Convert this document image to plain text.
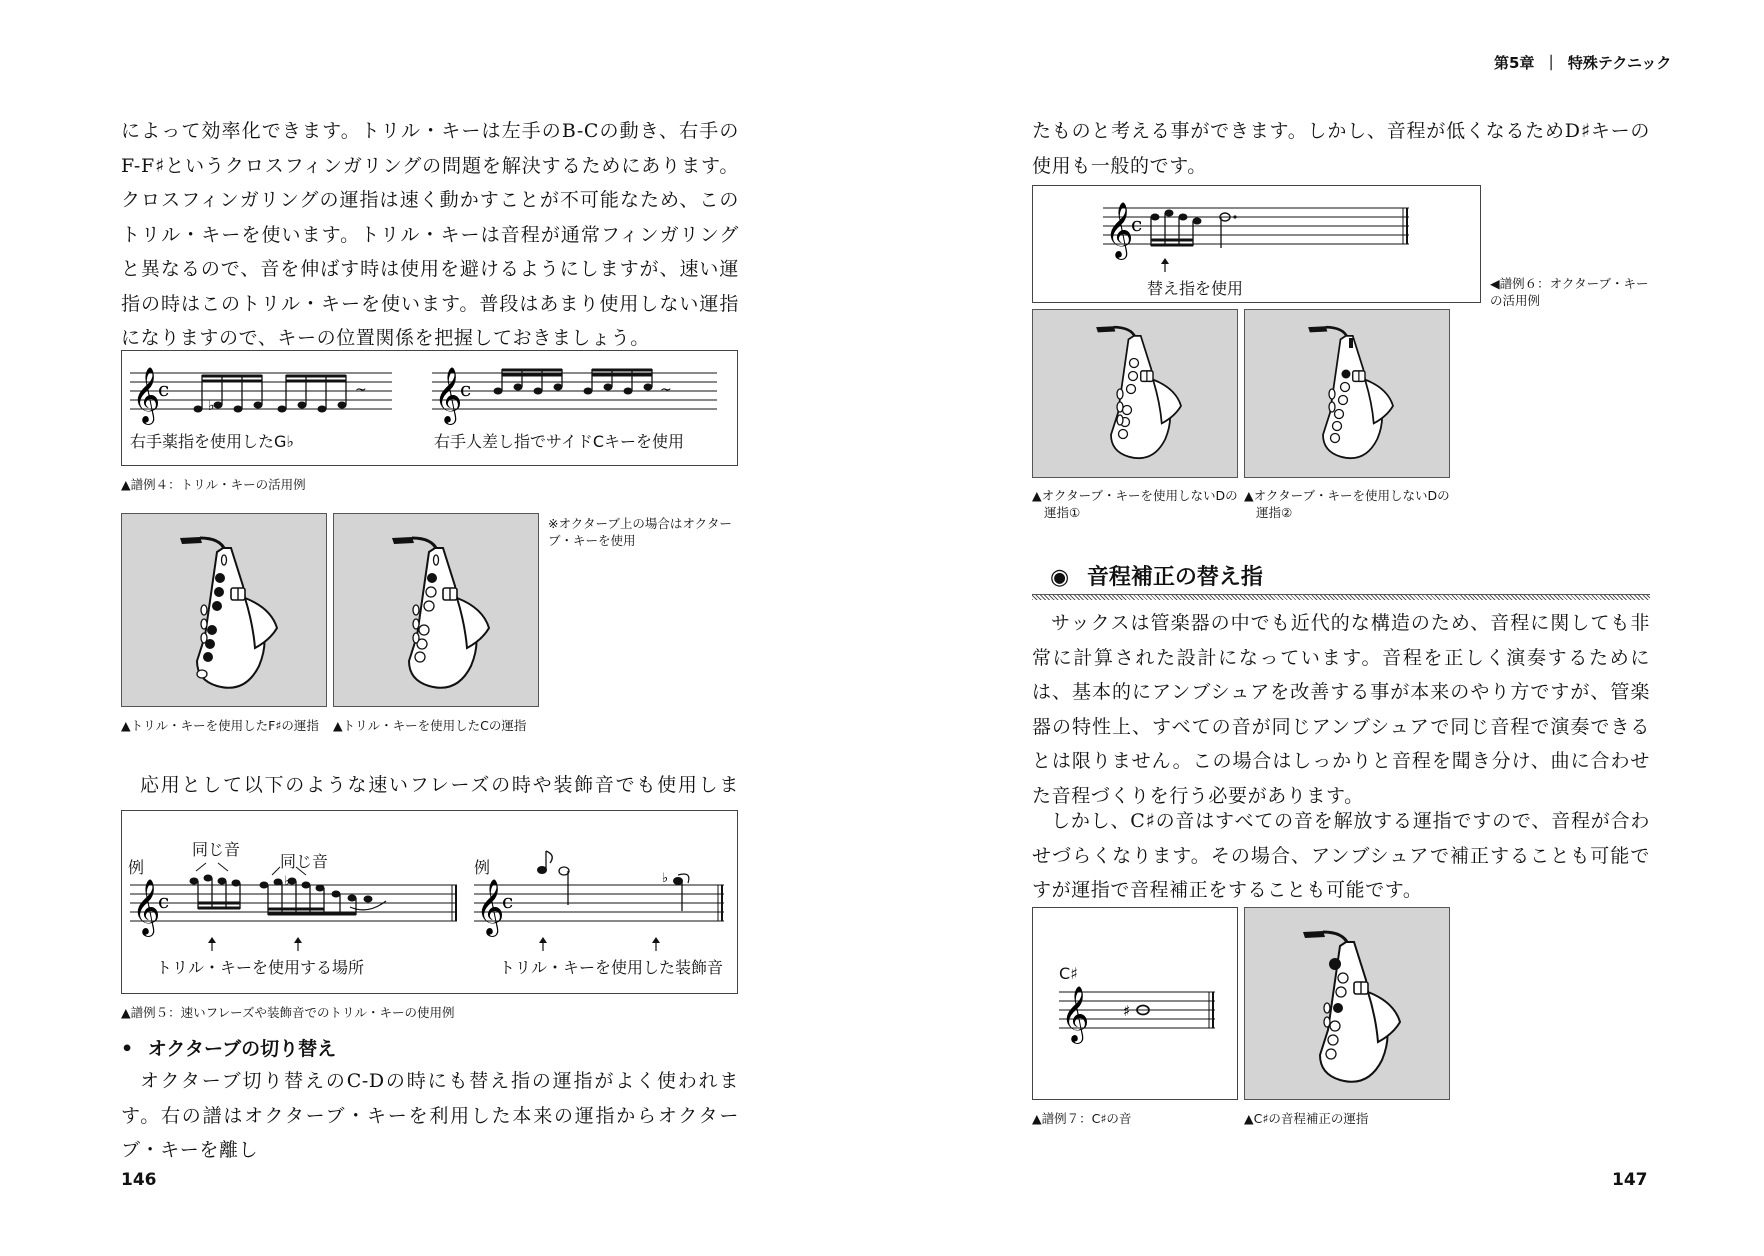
第5章 ｜ 特殊テクニック

によって効率化できます。トリル・キーは左手のB-Cの動き、右手のF-F♯というクロスフィンガリングの問題を解決するためにあります。クロスフィンガリングの運指は速く動かすことが不可能なため、このトリル・キーを使います。トリル・キーは音程が通常フィンガリングと異なるので、音を伸ばす時は使用を避けるようにしますが、速い運指の時はこのトリル・キーを使います。普段はあまり使用しない運指になりますので、キーの位置関係を把握しておきましょう。

𝄞
c	𝄞
c
♭
~	~
右手薬指を使用したG♭	右手人差し指でサイドCキーを使用
▲譜例４：トリル・キーの活用例
※オクターブ上の場合はオクターブ・キーを使用
▲トリル・キーを使用したF♯の運指 ▲トリル・キーを使用したCの運指

応用として以下のような速いフレーズの時や装飾音でも使用しま

𝄞
c	𝄞
c
♭	♭
例	例
同じ音
同じ音
トリル・キーを使用する場所	トリル・キーを使用した装飾音
▲譜例５：速いフレーズや装飾音でのトリル・キーの使用例
• オクターブの切り替え

オクターブ切り替えのC-Dの時にも替え指の運指がよく使われます。右の譜はオクターブ・キーを利用した本来の運指からオクターブ・キーを離し

146

たものと考える事ができます。しかし、音程が低くなるためD♯キーの使用も一般的です。

𝄞
c
替え指を使用	◀譜例６：オクターブ・キーの活用例
▲オクターブ・キーを使用しないDの運指①
▲オクターブ・キーを使用しないDの運指②
◉ 音程補正の替え指

サックスは管楽器の中でも近代的な構造のため、音程に関しても非常に計算された設計になっています。音程を正しく演奏するためには、基本的にアンブシュアを改善する事が本来のやり方ですが、管楽器の特性上、すべての音が同じアンブシュアで同じ音程で演奏できるとは限りません。この場合はしっかりと音程を聞き分け、曲に合わせた音程づくりを行う必要があります。

しかし、C♯の音はすべての音を解放する運指ですので、音程が合わせづらくなります。その場合、アンブシュアで補正することも可能ですが運指で音程補正をすることも可能です。

𝄞 ♯
C♯
▲譜例７：C♯の音	▲C♯の音程補正の運指
147
